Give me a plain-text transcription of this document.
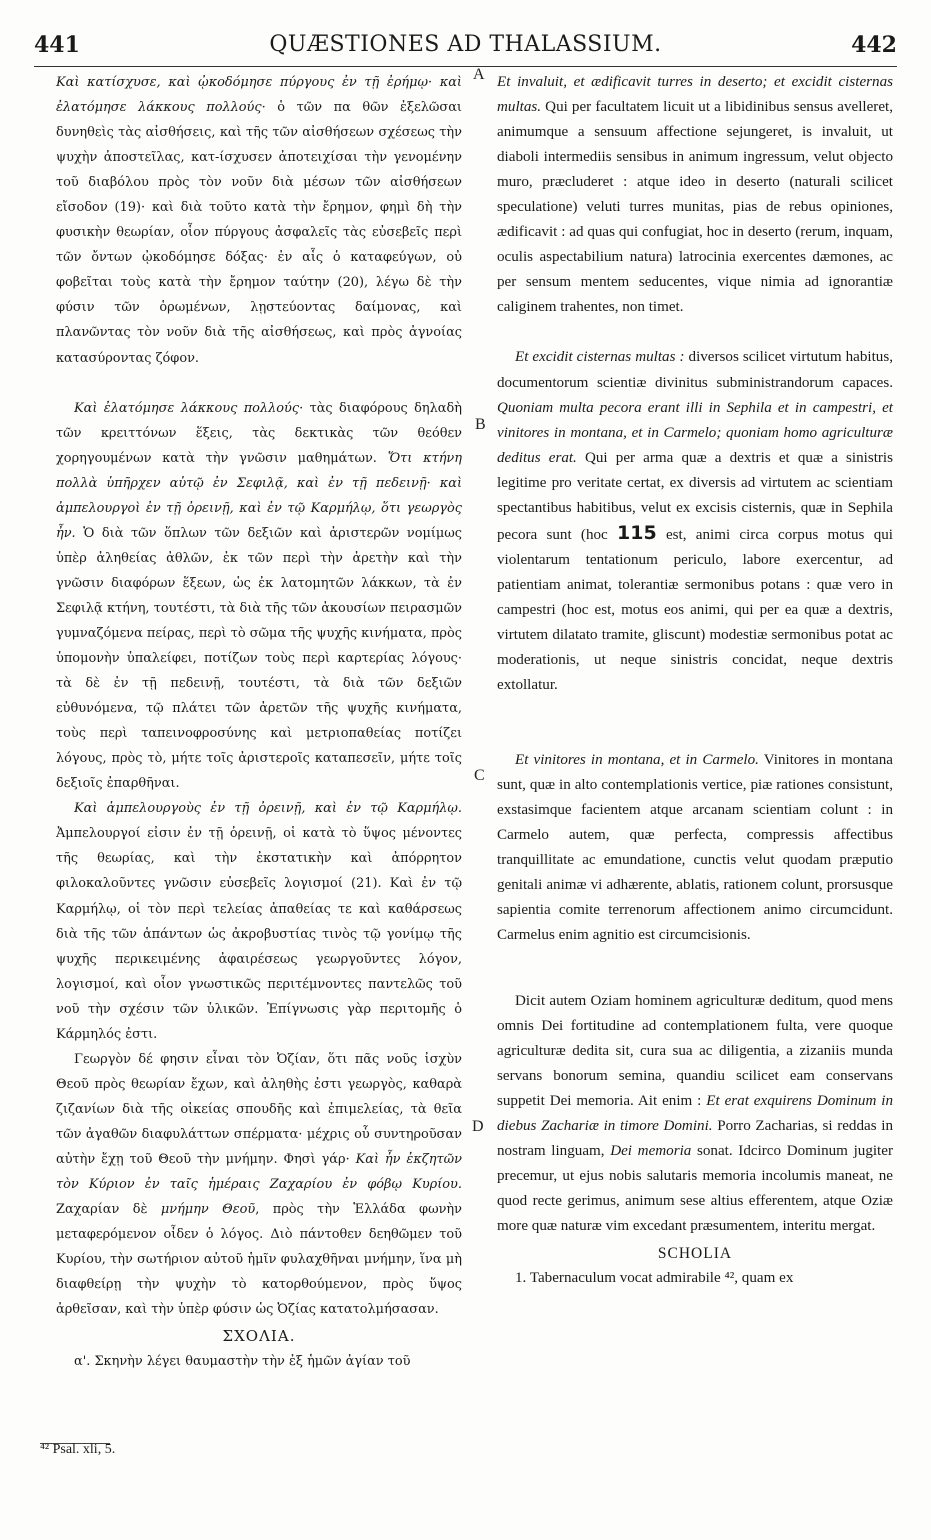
441	QUÆSTIONES AD THALASSIUM.	442
A
B
C
D

Καὶ κατίσχυσε, καὶ ᾠκοδόμησε πύργους ἐν τῇ ἐρήμῳ· καὶ ἐλατόμησε λάκκους πολλούς· ὁ τῶν πα θῶν ἐξελῶσαι δυνηθεὶς τὰς αἰσθήσεις, καὶ τῆς τῶν αἰσθήσεων σχέσεως τὴν ψυχὴν ἀποστεῖλας, κατ-ίσχυσεν ἀποτειχίσαι τὴν γενομένην τοῦ διαβόλου πρὸς τὸν νοῦν διὰ μέσων τῶν αἰσθήσεων εἴσοδον (19)· καὶ διὰ τοῦτο κατὰ τὴν ἔρημον, φημὶ δὴ τὴν φυσικὴν θεωρίαν, οἷον πύργους ἀσφαλεῖς τὰς εὐσεβεῖς περὶ τῶν ὄντων ᾠκοδόμησε δόξας· ἐν αἷς ὁ καταφεύγων, οὐ φοβεῖται τοὺς κατὰ τὴν ἔρημον ταύτην (20), λέγω δὲ τὴν φύσιν τῶν ὁρωμένων, λῃστεύοντας δαίμονας, καὶ πλανῶντας τὸν νοῦν διὰ τῆς αἰσθήσεως, καὶ πρὸς ἀγνοίας κατασύροντας ζόφον.

Καὶ ἐλατόμησε λάκκους πολλούς· τὰς διαφόρους δηλαδὴ τῶν κρειττόνων ἕξεις, τὰς δεκτικὰς τῶν θεόθεν χορηγουμένων κατὰ τὴν γνῶσιν μαθημάτων. Ὅτι κτήνη πολλὰ ὑπῆρχεν αὐτῷ ἐν Σεφιλᾷ, καὶ ἐν τῇ πεδεινῇ· καὶ ἀμπελουργοὶ ἐν τῇ ὀρεινῇ, καὶ ἐν τῷ Καρμήλῳ, ὅτι γεωργὸς ἦν. Ὁ διὰ τῶν ὅπλων τῶν δεξιῶν καὶ ἀριστερῶν νομίμως ὑπὲρ ἀληθείας ἀθλῶν, ἐκ τῶν περὶ τὴν ἀρετὴν καὶ τὴν γνῶσιν διαφόρων ἕξεων, ὡς ἐκ λατομητῶν λάκκων, τὰ ἐν Σεφιλᾷ κτήνη, τουτέστι, τὰ διὰ τῆς τῶν ἀκουσίων πειρασμῶν γυμναζόμενα πείρας, περὶ τὸ σῶμα τῆς ψυχῆς κινήματα, πρὸς ὑπομονὴν ὑπαλείφει, ποτίζων τοὺς περὶ καρτερίας λόγους· τὰ δὲ ἐν τῇ πεδεινῇ, τουτέστι, τὰ διὰ τῶν δεξιῶν εὐθυνόμενα, τῷ πλάτει τῶν ἀρετῶν τῆς ψυχῆς κινήματα, τοὺς περὶ ταπεινοφροσύνης καὶ μετριοπαθείας ποτίζει λόγους, πρὸς τὸ, μήτε τοῖς ἀριστεροῖς καταπεσεῖν, μήτε τοῖς δεξιοῖς ἐπαρθῆναι.

Καὶ ἀμπελουργοὺς ἐν τῇ ὀρεινῇ, καὶ ἐν τῷ Καρμήλῳ. Ἀμπελουργοί εἰσιν ἐν τῇ ὀρεινῇ, οἱ κατὰ τὸ ὕψος μένοντες τῆς θεωρίας, καὶ τὴν ἐκστατικὴν καὶ ἀπόρρητον φιλοκαλοῦντες γνῶσιν εὐσεβεῖς λογισμοί (21). Καὶ ἐν τῷ Καρμήλῳ, οἱ τὸν περὶ τελείας ἀπαθείας τε καὶ καθάρσεως διὰ τῆς τῶν ἁπάντων ὡς ἀκροβυστίας τινὸς τῷ γονίμῳ τῆς ψυχῆς περικειμένης ἀφαιρέσεως γεωργοῦντες λόγον, λογισμοί, καὶ οἷον γνωστικῶς περιτέμνοντες παντελῶς τοῦ νοῦ τὴν σχέσιν τῶν ὑλικῶν. Ἐπίγνωσις γὰρ περιτομῆς ὁ Κάρμηλός ἐστι.

Γεωργὸν δέ φησιν εἶναι τὸν Ὀζίαν, ὅτι πᾶς νοῦς ἰσχὺν Θεοῦ πρὸς θεωρίαν ἔχων, καὶ ἀληθὴς ἐστι γεωργὸς, καθαρὰ ζιζανίων διὰ τῆς οἰκείας σπουδῆς καὶ ἐπιμελείας, τὰ θεῖα τῶν ἀγαθῶν διαφυλάττων σπέρματα· μέχρις οὗ συντηροῦσαν αὐτὴν ἔχῃ τοῦ Θεοῦ τὴν μνήμην. Φησὶ γάρ· Καὶ ἦν ἐκζητῶν τὸν Κύριον ἐν ταῖς ἡμέραις Ζαχαρίου ἐν φόβῳ Κυρίου. Ζαχαρίαν δὲ μνήμην Θεοῦ, πρὸς τὴν Ἑλλάδα φωνὴν μεταφερόμενον οἶδεν ὁ λόγος. Διὸ πάντοθεν δεηθῶμεν τοῦ Κυρίου, τὴν σωτήριον αὐτοῦ ἡμῖν φυλαχθῆναι μνήμην, ἵνα μὴ διαφθείρῃ τὴν ψυχὴν τὸ κατορθούμενον, πρὸς ὕψος ἀρθεῖσαν, καὶ τὴν ὑπὲρ φύσιν ὡς Ὀζίας κατατολμήσασαν.

ΣΧΟΛΙΑ.

α'. Σκηνὴν λέγει θαυμαστὴν τὴν ἐξ ἡμῶν ἁγίαν τοῦ

Et invaluit, et ædificavit turres in deserto; et excidit cisternas multas. Qui per facultatem licuit ut a libidinibus sensus avelleret, animumque a sensuum affectione sejungeret, is invaluit, ut diaboli intermediis sensibus in animum ingressum, velut objecto muro, præcluderet : atque ideo in deserto (naturali scilicet speculatione) veluti turres munitas, pias de rebus opiniones, ædificavit : ad quas qui confugiat, hoc in deserto (rerum, inquam, oculis aspectabilium natura) latrocinia exercentes dæmones, ac per sensum mentem seducentes, vique nimia ad ignorantiæ caliginem trahentes, non timet.

Et excidit cisternas multas : diversos scilicet virtutum habitus, documentorum scientiæ divinitus subministrandorum capaces. Quoniam multa pecora erant illi in Sephila et in campestri, et vinitores in montana, et in Carmelo; quoniam homo agriculturæ deditus erat. Qui per arma quæ a dextris et quæ a sinistris legitime pro veritate certat, ex diversis ad virtutem ac scientiam spectantibus habitibus, velut ex excisis cisternis, quæ in Sephila pecora sunt (hoc 115 est, animi circa corpus motus qui violentarum tentationum periculo, labore exercentur, ad patientiam animat, tolerantiæ sermonibus potans : quæ vero in campestri (hoc est, motus eos animi, qui per ea quæ a dextris, virtutem dilatato tramite, gliscunt) modestiæ sermonibus potat ac moderationis, ut neque sinistris concidat, neque dextris extollatur.

Et vinitores in montana, et in Carmelo. Vinitores in montana sunt, quæ in alto contemplationis vertice, piæ rationes consistunt, exstasimque facientem atque arcanam scientiam colunt : in Carmelo autem, quæ perfecta, compressis affectibus tranquillitate ac emundatione, cunctis velut quodam præputio genitali animæ vi adhærente, ablatis, rationem colunt, prorsusque sapientia comite terrenorum affectionem animo circumcidunt. Carmelus enim agnitio est circumcisionis.

Dicit autem Oziam hominem agriculturæ deditum, quod mens omnis Dei fortitudine ad contemplationem fulta, vere quoque agriculturæ dedita sit, cura sua ac diligentia, a zizaniis munda servans bonorum semina, quandiu scilicet eam conservans suppetit Dei memoria. Ait enim : Et erat exquirens Dominum in diebus Zachariæ in timore Domini. Porro Zacharias, si reddas in nostram linguam, Dei memoria sonat. Idcirco Dominum jugiter precemur, ut ejus nobis salutaris memoria incolumis maneat, ne quod recte gerimus, animum sese altius efferentem, atque Oziæ more quæ naturæ vim excedant præsumentem, interitu mergat.

SCHOLIA

1. Tabernaculum vocat admirabile ⁴², quam ex

⁴² Psal. xli, 5.
